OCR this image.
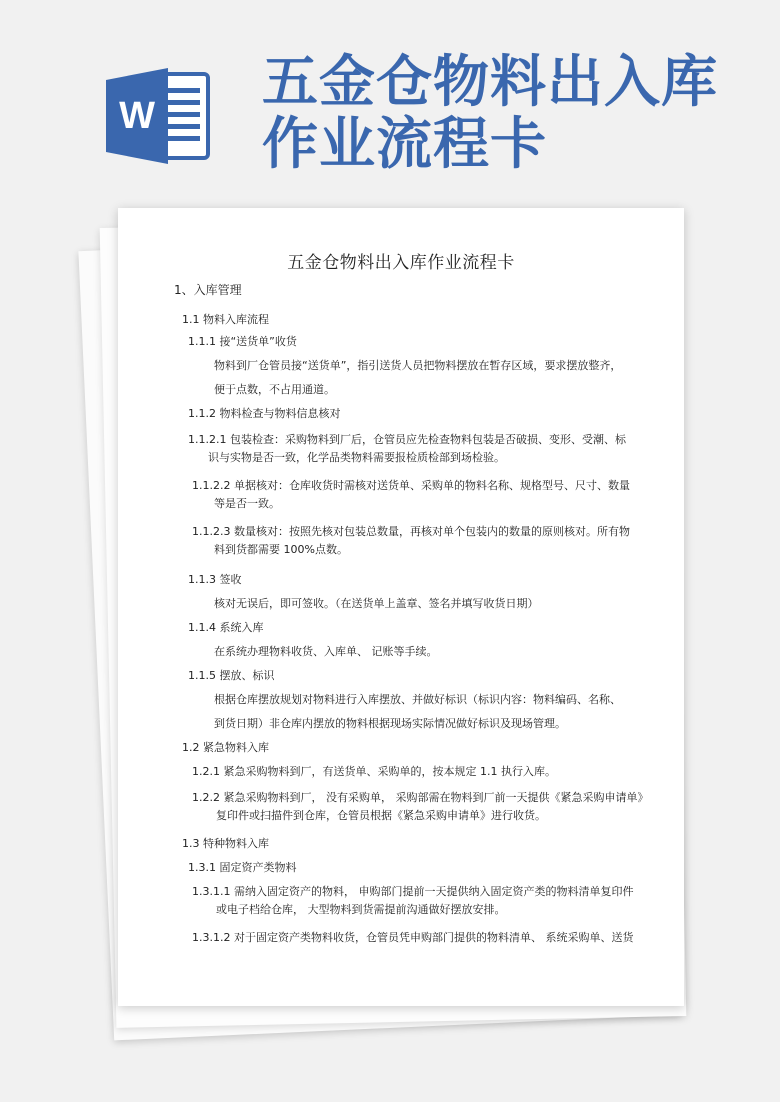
W
五金仓物料出入库
作业流程卡
五金仓物料出入库作业流程卡
1、入库管理
1.1 物料入库流程
1.1.1 接“送货单”收货
物料到厂仓管员接“送货单”，指引送货人员把物料摆放在暂存区域，要求摆放整齐，
便于点数，不占用通道。
1.1.2 物料检查与物料信息核对
1.1.2.1 包装检查：采购物料到厂后，仓管员应先检查物料包装是否破损、变形、受潮、标
识与实物是否一致，化学品类物料需要报检质检部到场检验。
1.1.2.2 单据核对：仓库收货时需核对送货单、采购单的物料名称、规格型号、尺寸、数量
等是否一致。
1.1.2.3 数量核对：按照先核对包装总数量，再核对单个包装内的数量的原则核对。所有物
料到货都需要 100%点数。
1.1.3 签收
核对无误后，即可签收。（在送货单上盖章、签名并填写收货日期）
1.1.4 系统入库
在系统办理物料收货、入库单、 记账等手续。
1.1.5 摆放、标识
根据仓库摆放规划对物料进行入库摆放、并做好标识（标识内容：物料编码、名称、
到货日期）非仓库内摆放的物料根据现场实际情况做好标识及现场管理。
1.2 紧急物料入库
1.2.1 紧急采购物料到厂，有送货单、采购单的，按本规定 1.1 执行入库。
1.2.2 紧急采购物料到厂， 没有采购单， 采购部需在物料到厂前一天提供《紧急采购申请单》
复印件或扫描件到仓库，仓管员根据《紧急采购申请单》进行收货。
1.3 特种物料入库
1.3.1 固定资产类物料
1.3.1.1 需纳入固定资产的物料， 申购部门提前一天提供纳入固定资产类的物料清单复印件
或电子档给仓库， 大型物料到货需提前沟通做好摆放安排。
1.3.1.2 对于固定资产类物料收货，仓管员凭申购部门提供的物料清单、 系统采购单、送货
